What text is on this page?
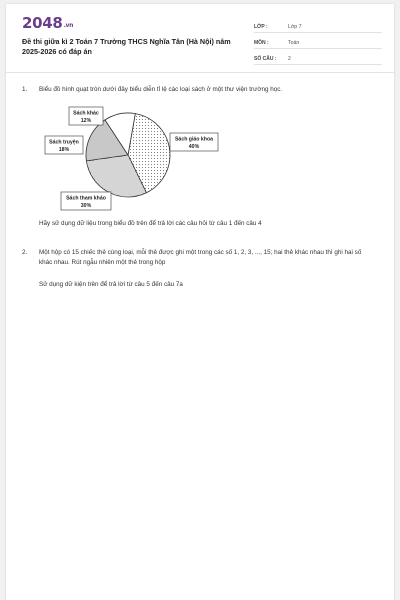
2048.vn
Đề thi giữa kì 2 Toán 7 Trường THCS Nghĩa Tân (Hà Nội) năm 2025-2026 có đáp án
LỚP :	Lớp 7
MÔN :	Toán
SỐ CÂU :	2
1. Biểu đồ hình quạt tròn dưới đây biểu diễn tỉ lệ các loại sách ở một thư viện trường học.
Hãy sử dụng dữ liệu trong biểu đồ trên để trả lời các câu hỏi từ câu 1 đến câu 4
Sách giáo khoa
40%
Sách tham khảo
30%
Sách truyện
18%
Sách khác
12%
2. Một hộp có 15 chiếc thẻ cùng loại, mỗi thẻ được ghi một trong các số 1, 2, 3, ..., 15; hai thẻ khác nhau thì ghi hai số khác nhau. Rút ngẫu nhiên một thẻ trong hộp
Sử dụng dữ kiện trên để trả lời từ câu 5 đến câu 7a
